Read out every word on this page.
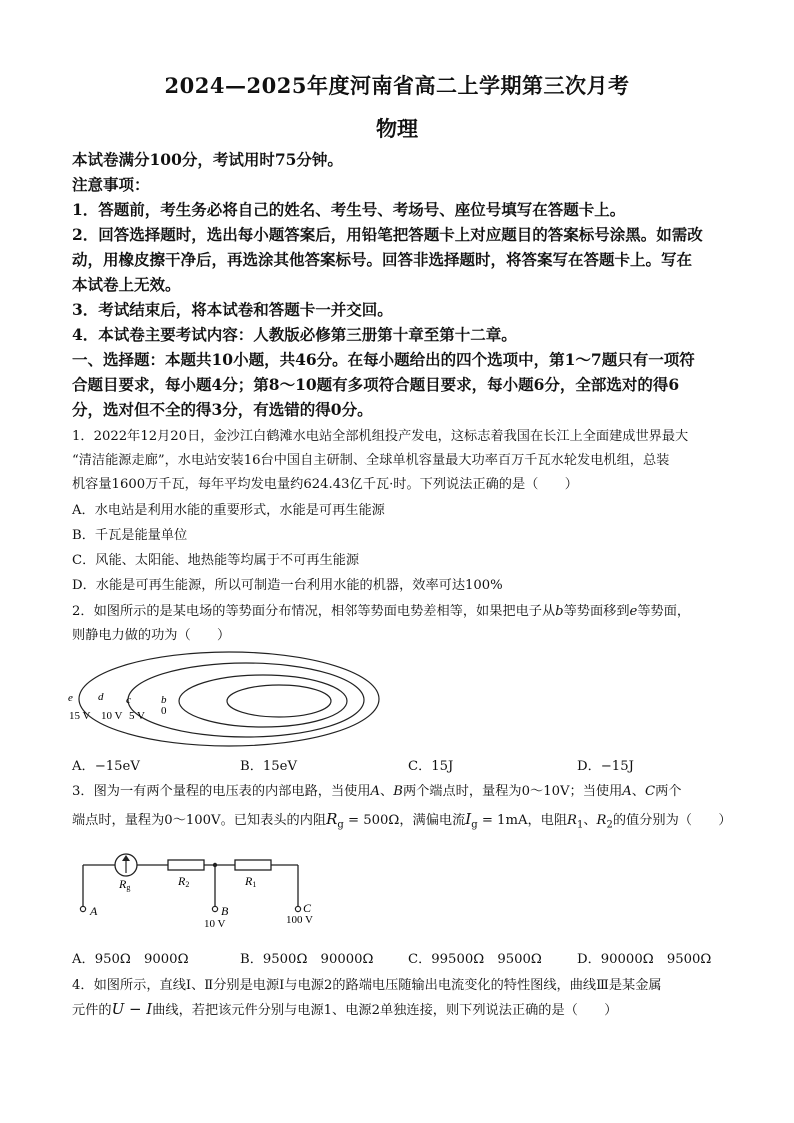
2024—2025年度河南省高二上学期第三次月考
物理
本试卷满分100分，考试用时75分钟。
注意事项：
1．答题前，考生务必将自己的姓名、考生号、考场号、座位号填写在答题卡上。
2．回答选择题时，选出每小题答案后，用铅笔把答题卡上对应题目的答案标号涂黑。如需改
动，用橡皮擦干净后，再选涂其他答案标号。回答非选择题时，将答案写在答题卡上。写在
本试卷上无效。
3．考试结束后，将本试卷和答题卡一并交回。
4．本试卷主要考试内容：人教版必修第三册第十章至第十二章。
一、选择题：本题共10小题，共46分。在每小题给出的四个选项中，第1～7题只有一项符
合题目要求，每小题4分；第8～10题有多项符合题目要求，每小题6分，全部选对的得6
分，选对但不全的得3分，有选错的得0分。
1．2022年12月20日，金沙江白鹤滩水电站全部机组投产发电，这标志着我国在长江上全面建成世界最大
“清洁能源走廊”，水电站安装16台中国自主研制、全球单机容量最大功率百万千瓦水轮发电机组，总装
机容量1600万千瓦，每年平均发电量约624.43亿千瓦·时。下列说法正确的是（　　）
A．水电站是利用水能的重要形式，水能是可再生能源
B．千瓦是能量单位
C．风能、太阳能、地热能等均属于不可再生能源
D．水能是可再生能源，所以可制造一台利用水能的机器，效率可达100%
2．如图所示的是某电场的等势面分布情况，相邻等势面电势差相等，如果把电子从b等势面移到e等势面，
则静电力做的功为（　　）
e d c	b
0
15 V 10 V 5 V
A．−15eV	B．15eV	C．15J	D．−15J
3．图为一有两个量程的电压表的内部电路，当使用A、B两个端点时，量程为0～10V；当使用A、C两个
端点时，量程为0～100V。已知表头的内阻$R_g = 500\Omega$，满偏电流$I_g = 1mA$，电阻$R_1$、$R_2$的值分别为（　　）
Rg	R2	R1
A	B	C
10 V	100 V
A．950Ω　9000Ω	B．9500Ω　90000Ω	C．99500Ω　9500Ω	D．90000Ω　9500Ω
4．如图所示，直线Ⅰ、Ⅱ分别是电源Ⅰ与电源2的路端电压随输出电流变化的特性图线，曲线Ⅲ是某金属
元件的U − I曲线，若把该元件分别与电源1、电源2单独连接，则下列说法正确的是（　　）
